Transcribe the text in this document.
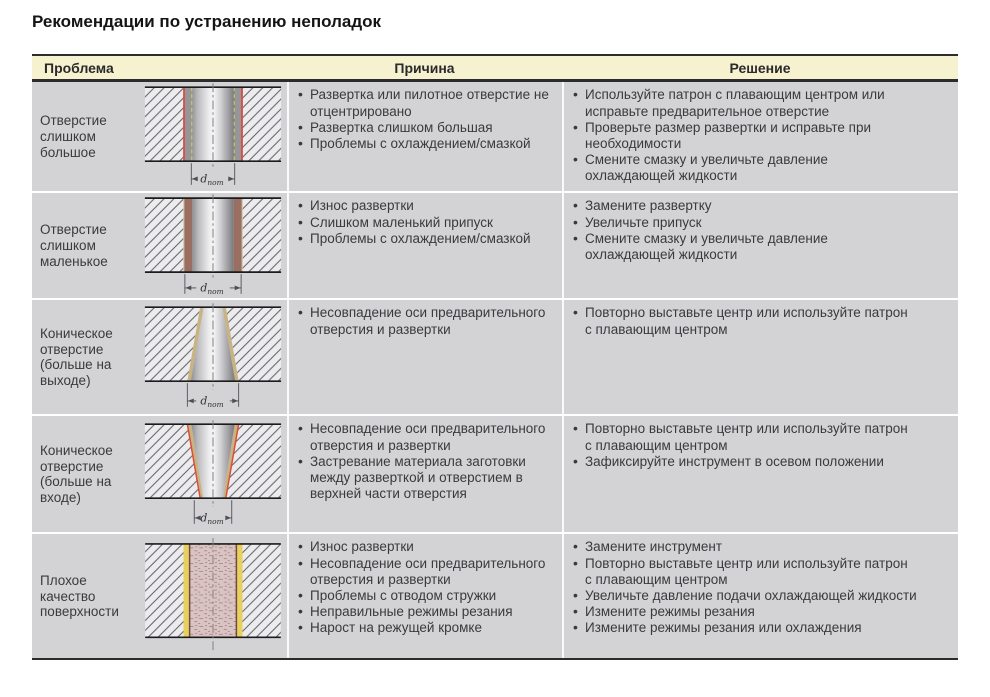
Рекомендации по устранению неполадок
Проблема	Причина	Решение
Отверстие слишком большое
$d_{nom}$
• Развертка или пилотное отверстие не отцентрировано
• Развертка слишком большая
• Проблемы с охлаждением/смазкой
• Используйте патрон с плавающим центром или исправьте предварительное отверстие
• Проверьте размер развертки и исправьте при необходимости
• Смените смазку и увеличьте давление охлаждающей жидкости
Отверстие слишком маленькое
$d_{nom}$
• Износ развертки
• Слишком маленький припуск
• Проблемы с охлаждением/смазкой
• Замените развертку
• Увеличьте припуск
• Смените смазку и увеличьте давление охлаждающей жидкости
Коническое отверстие (больше на выходе)
$d_{nom}$
• Несовпадение оси предварительного отверстия и развертки
• Повторно выставьте центр или используйте патрон с плавающим центром
Коническое отверстие (больше на входе)
$d_{nom}$
• Несовпадение оси предварительного отверстия и развертки
• Застревание материала заготовки между разверткой и отверстием в верхней части отверстия
• Повторно выставьте центр или используйте патрон с плавающим центром
• Зафиксируйте инструмент в осевом положении
Плохое качество поверхности
• Износ развертки
• Несовпадение оси предварительного отверстия и развертки
• Проблемы с отводом стружки
• Неправильные режимы резания
• Нарост на режущей кромке
• Замените инструмент
• Повторно выставьте центр или используйте патрон с плавающим центром
• Увеличьте давление подачи охлаждающей жидкости
• Измените режимы резания
• Измените режимы резания или охлаждения
